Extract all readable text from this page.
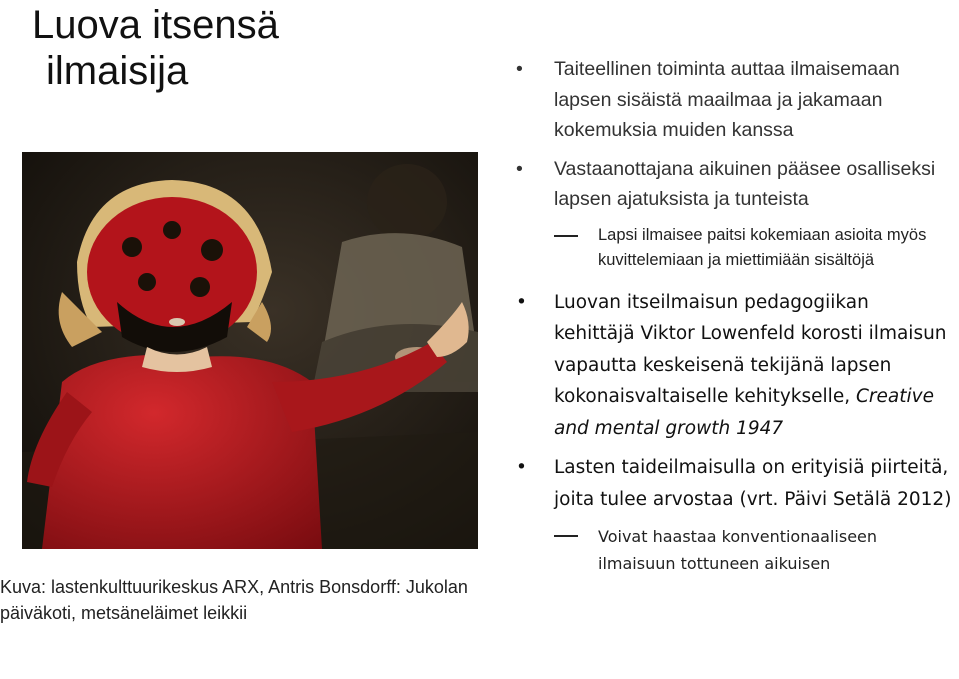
Luova itsensä
ilmaisija
Kuva: lastenkulttuurikeskus ARX, Antris Bonsdorff: Jukolan päiväkoti, metsäneläimet leikkii
• Taiteellinen toiminta auttaa ilmaisemaan lapsen sisäistä maailmaa ja jakamaan kokemuksia muiden kanssa
• Vastaanottajana aikuinen pääsee osalliseksi lapsen ajatuksista ja tunteista
Lapsi ilmaisee paitsi kokemiaan asioita myös kuvittelemiaan ja miettimiään sisältöjä
• Luovan itseilmaisun pedagogiikan kehittäjä Viktor Lowenfeld korosti ilmaisun vapautta keskeisenä tekijänä lapsen kokonaisvaltaiselle kehitykselle, Creative and mental growth 1947
• Lasten taideilmaisulla on erityisiä piirteitä, joita tulee arvostaa (vrt. Päivi Setälä 2012)
Voivat haastaa konventionaaliseen ilmaisuun tottuneen aikuisen
